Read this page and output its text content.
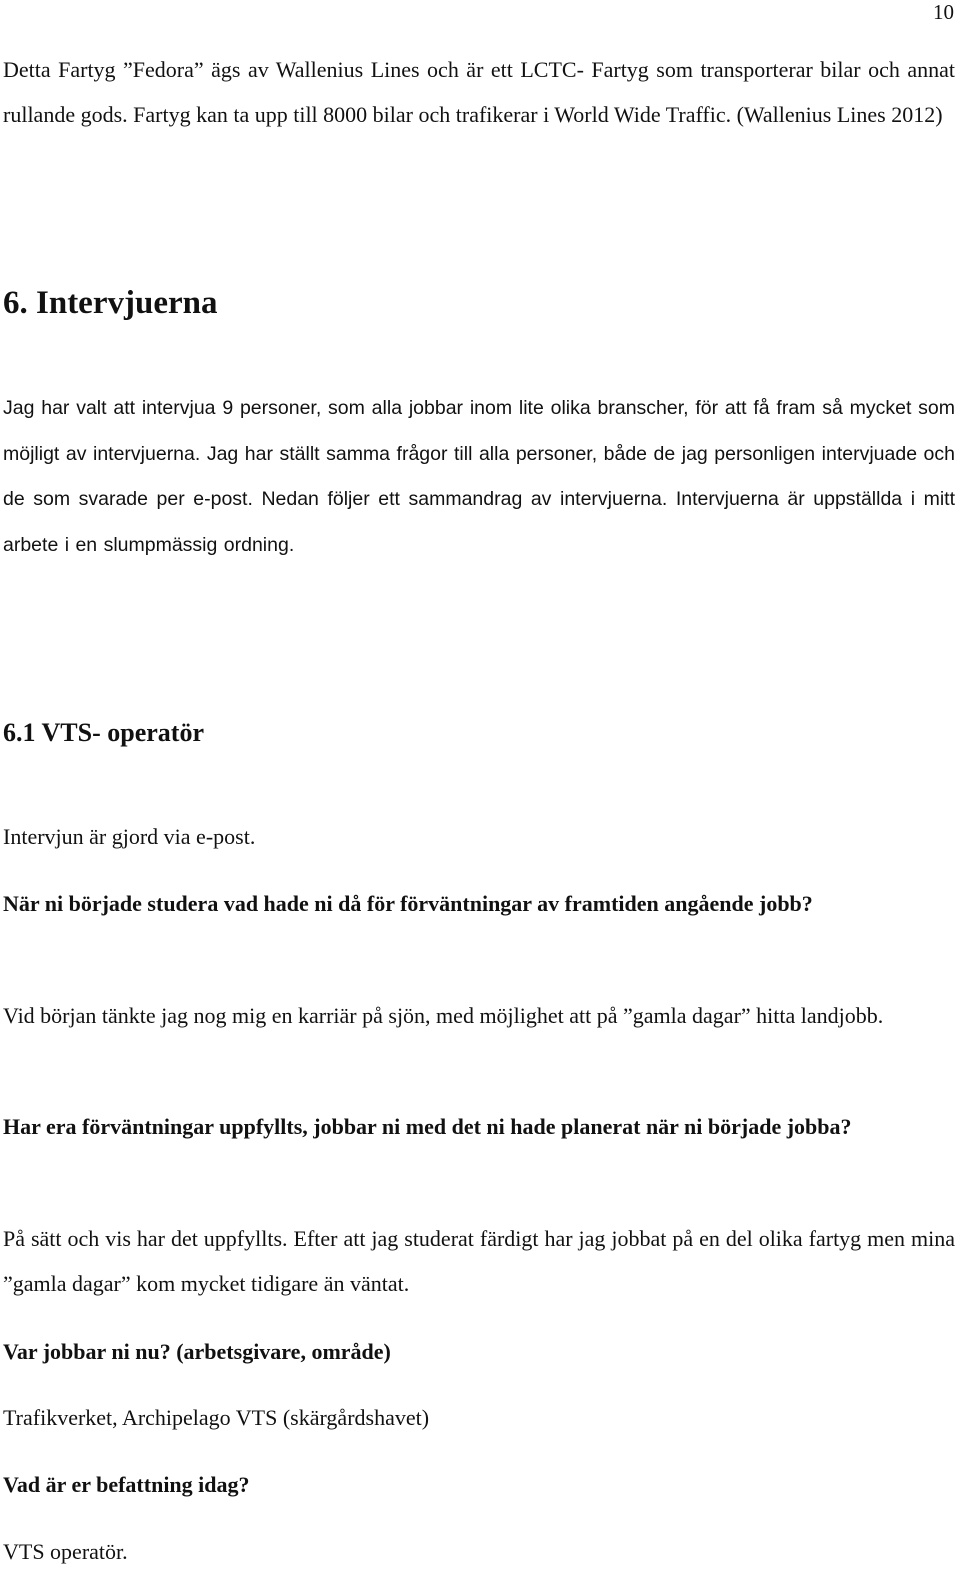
10
Detta Fartyg ”Fedora” ägs av Wallenius Lines och är ett LCTC- Fartyg som transporterar bilar och annat rullande gods. Fartyg kan ta upp till 8000 bilar och trafikerar i World Wide Traffic. (Wallenius Lines 2012)
6. Intervjuerna
Jag har valt att intervjua 9 personer, som alla jobbar inom lite olika branscher, för att få fram så mycket som möjligt av intervjuerna. Jag har ställt samma frågor till alla personer, både de jag personligen intervjuade och de som svarade per e-post. Nedan följer ett sammandrag av intervjuerna. Intervjuerna är uppställda i mitt arbete i en slumpmässig ordning.
6.1 VTS- operatör
Intervjun är gjord via e-post.
När ni började studera vad hade ni då för förväntningar av framtiden angående jobb?
Vid början tänkte jag nog mig en karriär på sjön, med möjlighet att på ”gamla dagar” hitta landjobb.
Har era förväntningar uppfyllts, jobbar ni med det ni hade planerat när ni började jobba?
På sätt och vis har det uppfyllts. Efter att jag studerat färdigt har jag jobbat på en del olika fartyg men mina ”gamla dagar” kom mycket tidigare än väntat.
Var jobbar ni nu? (arbetsgivare, område)
Trafikverket, Archipelago VTS (skärgårdshavet)
Vad är er befattning idag?
VTS operatör.
